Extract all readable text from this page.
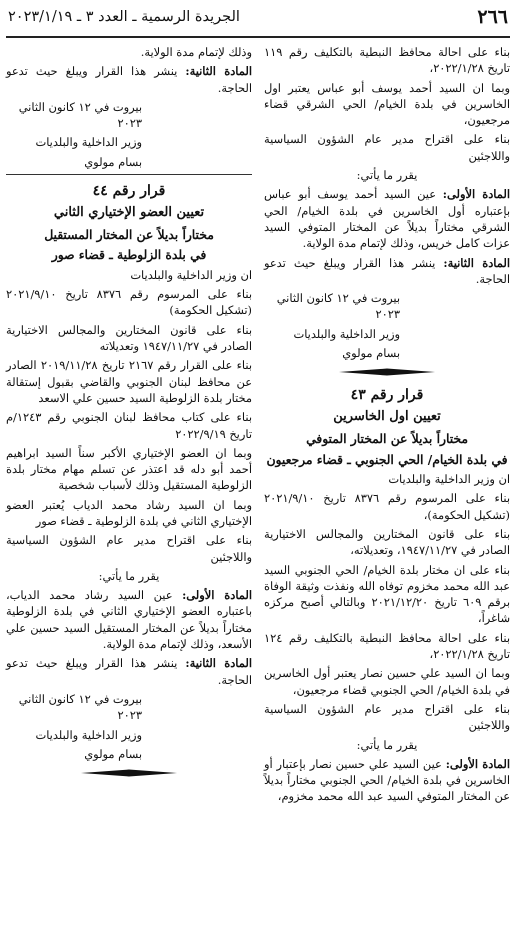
٢٦٦
الجريدة الرسمية ـ العدد ٣ ـ ٢٠٢٣/١/١٩

بناء على احالة محافظ النبطية بالتكليف رقم ١١٩ تاريخ ٢٠٢٢/١/٢٨،

وبما ان السيد أحمد يوسف أبو عباس يعتبر اول الخاسرين في بلدة الخيام/ الحي الشرقي قضاء مرجعيون،

بناء على اقتراح مدير عام الشؤون السياسية واللاجئين

يقرر ما يأتي:

المادة الأولى: عين السيد أحمد يوسف أبو عباس بإعتباره أول الخاسرين في بلدة الخيام/ الحي الشرقي مختاراً بديلاً عن المختار المتوفي السيد عزات كامل خريس، وذلك لإتمام مدة الولاية.

المادة الثانية: ينشر هذا القرار ويبلغ حيث تدعو الحاجة.

بيروت في ١٢ كانون الثاني ٢٠٢٣

وزير الداخلية والبلديات

بسام مولوي

قرار رقم ٤٣

تعيين اول الخاسرين

مختاراً بديلاً عن المختار المتوفي

في بلدة الخيام/ الحي الجنوبي ـ قضاء مرجعيون

ان وزير الداخلية والبلديات

بناء على المرسوم رقم ٨٣٧٦ تاريخ ٢٠٢١/٩/١٠ (تشكيل الحكومة)،

بناء على قانون المختارين والمجالس الاختيارية الصادر في ١٩٤٧/١١/٢٧، وتعديلاته،

بناء على ان مختار بلدة الخيام/ الحي الجنوبي السيد عبد الله محمد مخزوم توفاه الله ونفذت وثيقة الوفاة برقم ٦٠٩ تاريخ ٢٠٢١/١٢/٢٠ وبالتالي أصبح مركزه شاغراً،

بناء على احالة محافظ النبطية بالتكليف رقم ١٢٤ تاريخ ٢٠٢٢/١/٢٨،

وبما ان السيد علي حسين نصار يعتبر أول الخاسرين في بلدة الخيام/ الحي الجنوبي قضاء مرجعيون،

بناء على اقتراح مدير عام الشؤون السياسية واللاجئين

يقرر ما يأتي:

المادة الأولى: عين السيد علي حسين نصار بإعتبار أو الخاسرين في بلدة الخيام/ الحي الجنوبي مختاراً بديلاً عن المختار المتوفي السيد عبد الله محمد مخزوم،

وذلك لإتمام مدة الولاية.

المادة الثانية: ينشر هذا القرار ويبلغ حيث تدعو الحاجة.

بيروت في ١٢ كانون الثاني ٢٠٢٣

وزير الداخلية والبلديات

بسام مولوي

قرار رقم ٤٤

تعيين العضو الإختياري الثاني

مختاراً بديلاً عن المختار المستقيل

في بلدة الزلوطية ـ قضاء صور

ان وزير الداخلية والبلديات

بناء على المرسوم رقم ٨٣٧٦ تاريخ ٢٠٢١/٩/١٠ (تشكيل الحكومة)

بناء على قانون المختارين والمجالس الاختيارية الصادر في ١٩٤٧/١١/٢٧ وتعديلاته

بناء على القرار رقم ٢١٦٧ تاريخ ٢٠١٩/١١/٢٨ الصادر عن محافظ لبنان الجنوبي والقاضي بقبول إستقالة مختار بلدة الزلوطية السيد حسين علي الاسعد

بناء على كتاب محافظ لبنان الجنوبي رقم ١٢٤٣/م تاريخ ٢٠٢٢/٩/١٩

وبما ان العضو الإختياري الأكبر سناً السيد ابراهيم أحمد أبو دله قد اعتذر عن تسلم مهام مختار بلدة الزلوطية المستقيل وذلك لأسباب شخصية

وبما ان السيد رشاد محمد الدياب يُعتبر العضو الإختياري الثاني في بلدة الزلوطية ـ قضاء صور

بناء على اقتراح مدير عام الشؤون السياسية واللاجئين

يقرر ما يأتي:

المادة الأولى: عين السيد رشاد محمد الدياب، باعتباره العضو الإختياري الثاني في بلدة الزلوطية مختاراً بديلاً عن المختار المستقيل السيد حسين علي الأسعد، وذلك لإتمام مدة الولاية.

المادة الثانية: ينشر هذا القرار ويبلغ حيث تدعو الحاجة.

بيروت في ١٢ كانون الثاني ٢٠٢٣

وزير الداخلية والبلديات

بسام مولوي
